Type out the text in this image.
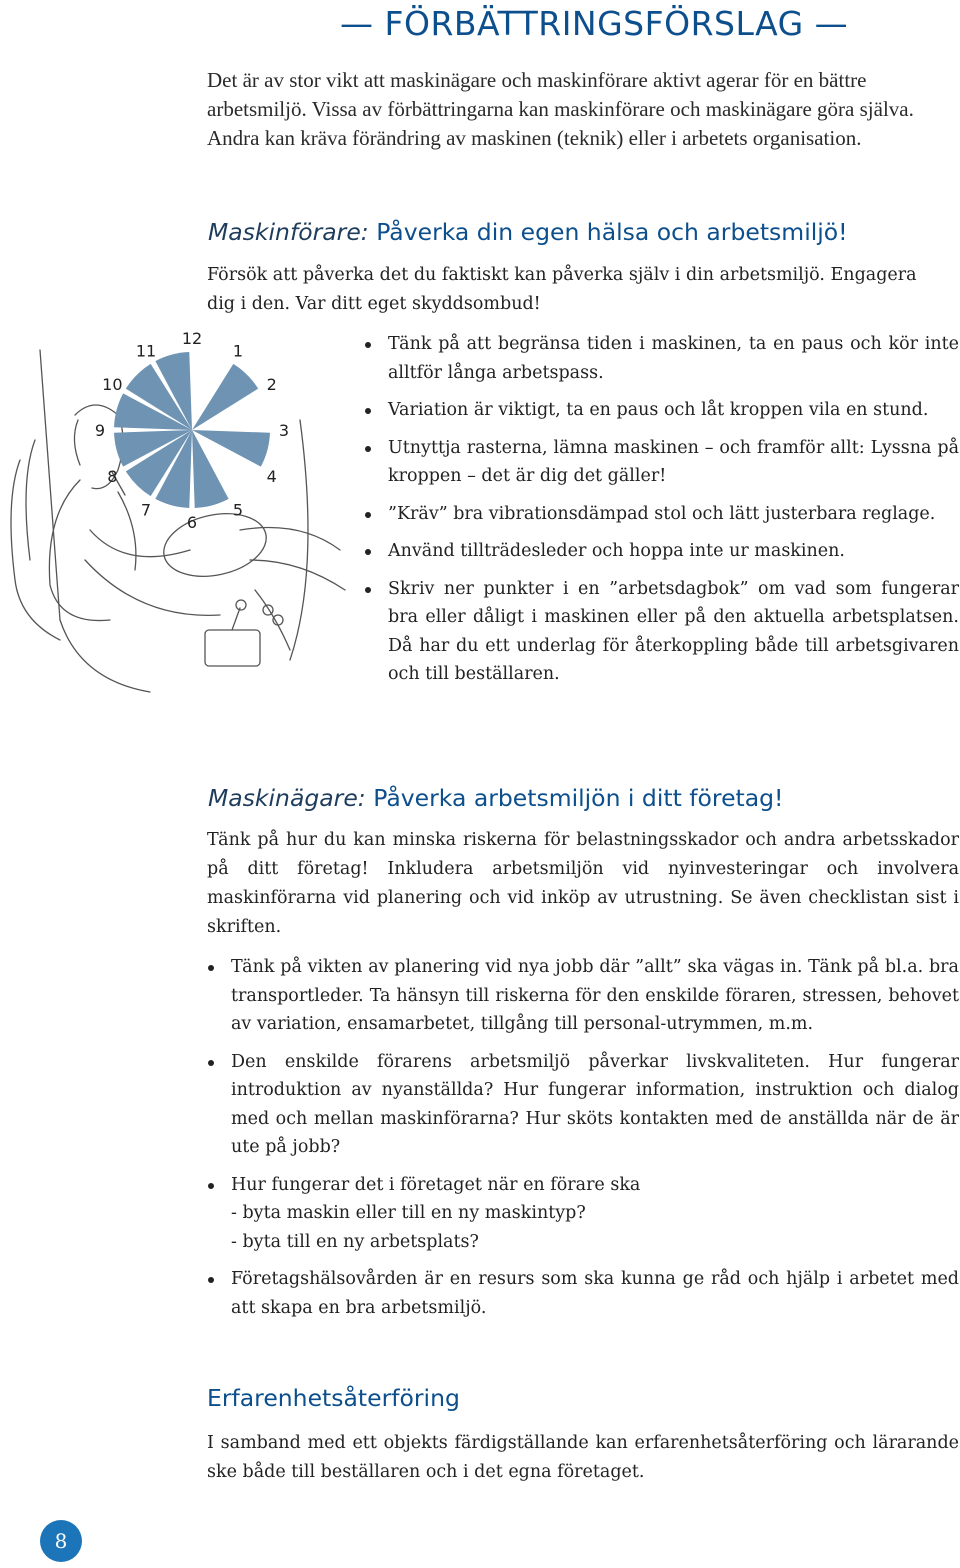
— FÖRBÄTTRINGSFÖRSLAG —
Det är av stor vikt att maskinägare och maskinförare aktivt agerar för en bättre arbetsmiljö. Vissa av förbättringarna kan maskinförare och maskinägare göra själva. Andra kan kräva förändring av maskinen (teknik) eller i arbetets organisation.
Maskinförare: Påverka din egen hälsa och arbetsmiljö!
Försök att påverka det du faktiskt kan påverka själv i din arbetsmiljö. Engagera dig i den. Var ditt eget skyddsombud!
Tänk på att begränsa tiden i maskinen, ta en paus och kör inte alltför långa arbetspass.
Variation är viktigt, ta en paus och låt kroppen vila en stund.
Utnyttja rasterna, lämna maskinen – och framför allt: Lyssna på kroppen – det är dig det gäller!
”Kräv” bra vibrationsdämpad stol och lätt justerbara reglage.
Använd tillträdesleder och hoppa inte ur maskinen.
Skriv ner punkter i en ”arbetsdagbok” om vad som fungerar bra eller dåligt i maskinen eller på den aktuella arbetsplatsen. Då har du ett underlag för återkoppling både till arbetsgivaren och till beställaren.
12
1
2
3
4
5
6
7
8
9
10
11
Maskinägare: Påverka arbetsmiljön i ditt företag!
Tänk på hur du kan minska riskerna för belastningsskador och andra arbetsskador på ditt företag! Inkludera arbetsmiljön vid nyinvesteringar och involvera maskinförarna vid planering och vid inköp av utrustning. Se även checklistan sist i skriften.
Tänk på vikten av planering vid nya jobb där ”allt” ska vägas in. Tänk på bl.a. bra transportleder. Ta hänsyn till riskerna för den enskilde föraren, stressen, behovet av variation, ensamarbetet, tillgång till personal-utrymmen, m.m.
Den enskilde förarens arbetsmiljö påverkar livskvaliteten. Hur fungerar introduktion av nyanställda? Hur fungerar information, instruktion och dialog med och mellan maskinförarna? Hur sköts kontakten med de anställda när de är ute på jobb?
Hur fungerar det i företaget när en förare ska
- byta maskin eller till en ny maskintyp?
- byta till en ny arbetsplats?
Företagshälsovården är en resurs som ska kunna ge råd och hjälp i arbetet med att skapa en bra arbetsmiljö.
Erfarenhetsåterföring
I samband med ett objekts färdigställande kan erfarenhetsåterföring och lärarande ske både till beställaren och i det egna företaget.
8
